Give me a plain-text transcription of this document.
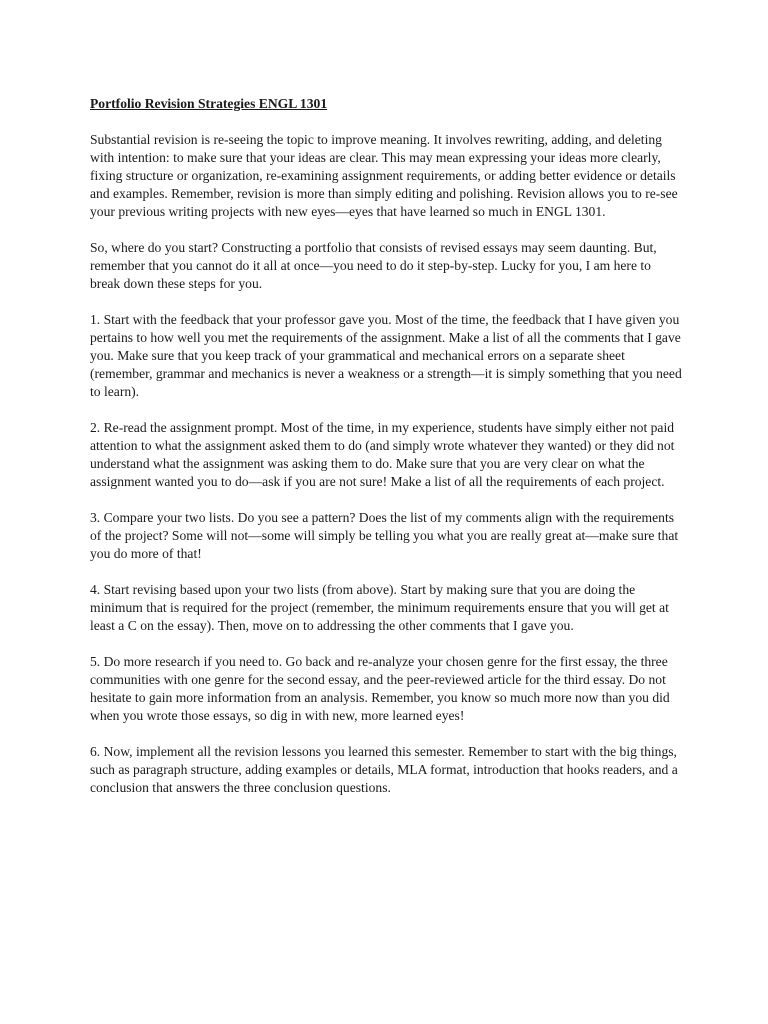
Portfolio Revision Strategies ENGL 1301

Substantial revision is re-seeing the topic to improve meaning. It involves rewriting, adding, and deleting with intention: to make sure that your ideas are clear. This may mean expressing your ideas more clearly, fixing structure or organization, re-examining assignment requirements, or adding better evidence or details and examples. Remember, revision is more than simply editing and polishing. Revision allows you to re-see your previous writing projects with new eyes—eyes that have learned so much in ENGL 1301.

So, where do you start? Constructing a portfolio that consists of revised essays may seem daunting. But, remember that you cannot do it all at once—you need to do it step-by-step. Lucky for you, I am here to break down these steps for you.

1. Start with the feedback that your professor gave you. Most of the time, the feedback that I have given you pertains to how well you met the requirements of the assignment. Make a list of all the comments that I gave you. Make sure that you keep track of your grammatical and mechanical errors on a separate sheet (remember, grammar and mechanics is never a weakness or a strength—it is simply something that you need to learn).

2. Re-read the assignment prompt. Most of the time, in my experience, students have simply either not paid attention to what the assignment asked them to do (and simply wrote whatever they wanted) or they did not understand what the assignment was asking them to do. Make sure that you are very clear on what the assignment wanted you to do—ask if you are not sure! Make a list of all the requirements of each project.

3. Compare your two lists. Do you see a pattern? Does the list of my comments align with the requirements of the project? Some will not—some will simply be telling you what you are really great at—make sure that you do more of that!

4. Start revising based upon your two lists (from above). Start by making sure that you are doing the minimum that is required for the project (remember, the minimum requirements ensure that you will get at least a C on the essay). Then, move on to addressing the other comments that I gave you.

5. Do more research if you need to. Go back and re-analyze your chosen genre for the first essay, the three communities with one genre for the second essay, and the peer-reviewed article for the third essay. Do not hesitate to gain more information from an analysis. Remember, you know so much more now than you did when you wrote those essays, so dig in with new, more learned eyes!

6. Now, implement all the revision lessons you learned this semester. Remember to start with the big things, such as paragraph structure, adding examples or details, MLA format, introduction that hooks readers, and a conclusion that answers the three conclusion questions.
